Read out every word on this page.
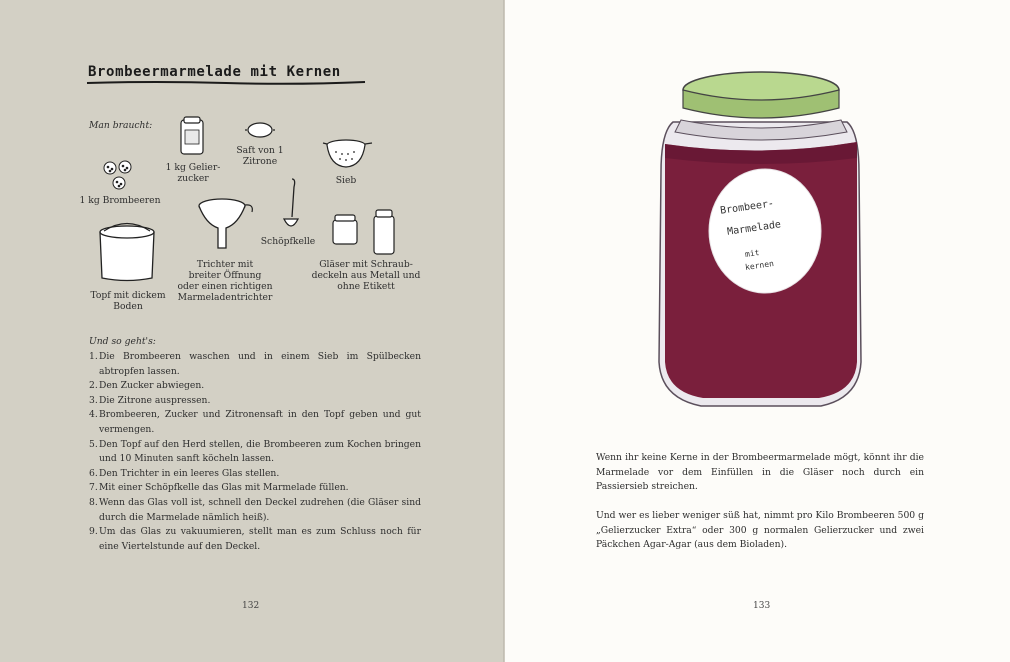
Brombeermarmelade mit Kernen
Man braucht:
1 kg Brombeeren
1 kg Gelier-
zucker
Saft von 1
Zitrone
Sieb
Topf mit dickem
Boden
Trichter mit
breiter Öffnung
oder einen richtigen
Marmeladentrichter
Schöpfkelle
Gläser mit Schraub-
deckeln aus Metall und
ohne Etikett
Und so geht's:
1.Die Brombeeren waschen und in einem Sieb im Spülbecken abtropfen lassen.
2.Den Zucker abwiegen.
3.Die Zitrone auspressen.
4.Brombeeren, Zucker und Zitronensaft in den Topf geben und gut vermengen.
5.Den Topf auf den Herd stellen, die Brombeeren zum Kochen bringen und 10 Minuten sanft köcheln lassen.
6.Den Trichter in ein leeres Glas stellen.
7.Mit einer Schöpfkelle das Glas mit Marmelade füllen.
8.Wenn das Glas voll ist, schnell den Deckel zudrehen (die Gläser sind durch die Marmelade nämlich heiß).
9.Um das Glas zu vakuumieren, stellt man es zum Schluss noch für eine Viertelstunde auf den Deckel.
132
Brombeer-
Marmelade
mit
kernen
133
Wenn ihr keine Kerne in der Brombeermarmelade mögt, könnt ihr die Marmelade vor dem Einfüllen in die Gläser noch durch ein Passiersieb streichen.
Und wer es lieber weniger süß hat, nimmt pro Kilo Brombeeren 500 g „Gelierzucker Extra“ oder 300 g normalen Gelierzucker und zwei Päckchen Agar-Agar (aus dem Bioladen).
